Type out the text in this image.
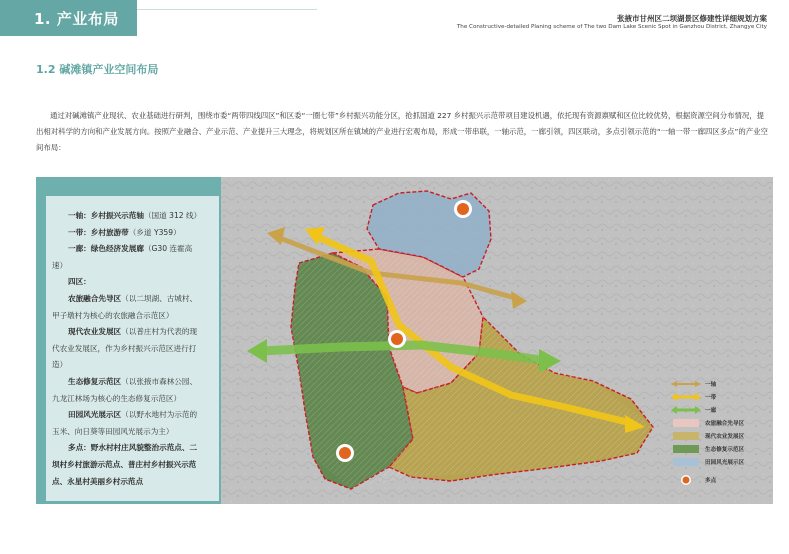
1. 产业布局	张掖市甘州区二坝湖景区修建性详细规划方案
The Constructive-detailed Planing scheme of The two Dam Lake Scenic Spot in Ganzhou District, Zhangye City
1.2 碱滩镇产业空间布局
通过对碱滩镇产业现状、农业基础进行研判，围绕市委“两带四线四区”和区委“一圈七带”乡村振兴功能分区，抢抓国道 227 乡村振兴示范带项目建设机遇，依托现有资源禀赋和区位比较优势，根据资源空间分布情况，提出相对科学的方向和产业发展方向。按照产业融合、产业示范、产业提升三大理念，将规划区所在镇域的产业进行宏观布局，形成一带串联，一轴示范，一廊引领，四区联动，多点引领示范的“一轴一带一廊四区多点”的产业空间布局：

一轴：乡村振兴示范轴（国道 312 线）

一带：乡村旅游带（乡道 Y359）

一廊：绿色经济发展廊（G30 连霍高速）

四区：

农旅融合先导区（以二坝湖、古城村、甲子墩村为核心的农旅融合示范区）

现代农业发展区（以普庄村为代表的现代农业发展区，作为乡村振兴示范区进行打造）

生态修复示范区（以张掖市森林公园、九龙江林场为核心的生态修复示范区）

田园风光展示区（以野水地村为示范的玉米、向日葵等田园风光展示为主）

多点：野水村村庄风貌整治示范点、二坝村乡村旅游示范点、普庄村乡村振兴示范点、永星村美丽乡村示范点

一轴
一带
一廊
农旅融合先导区
现代农业发展区
生态修复示范区
田园风光展示区
多点
